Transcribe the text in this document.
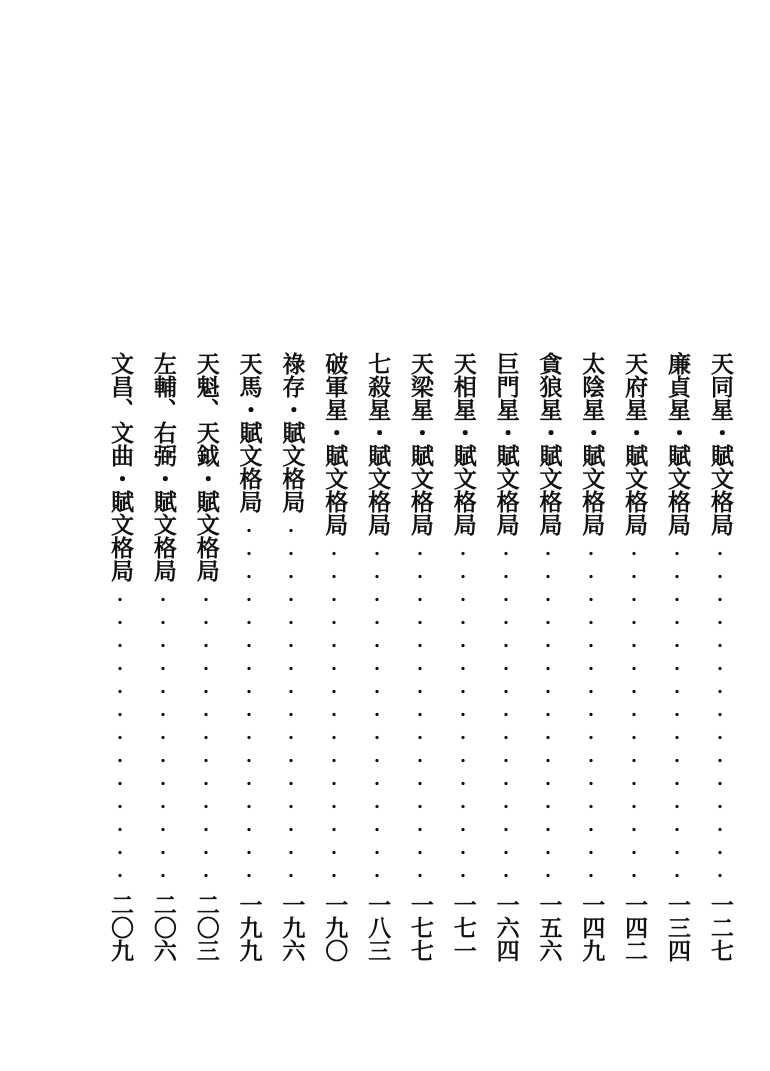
天同星・賦文格局
一二七
廉貞星・賦文格局
一三四
天府星・賦文格局
一四二
太陰星・賦文格局
一四九
貪狼星・賦文格局
一五六
巨門星・賦文格局
一六四
天相星・賦文格局
一七一
天梁星・賦文格局
一七七
七殺星・賦文格局
一八三
破軍星・賦文格局
一九〇
祿存・賦文格局
一九六
天馬・賦文格局
一九九
天魁、天鉞・賦文格局
二〇三
左輔、右弼・賦文格局
二〇六
文昌、文曲・賦文格局
二〇九
